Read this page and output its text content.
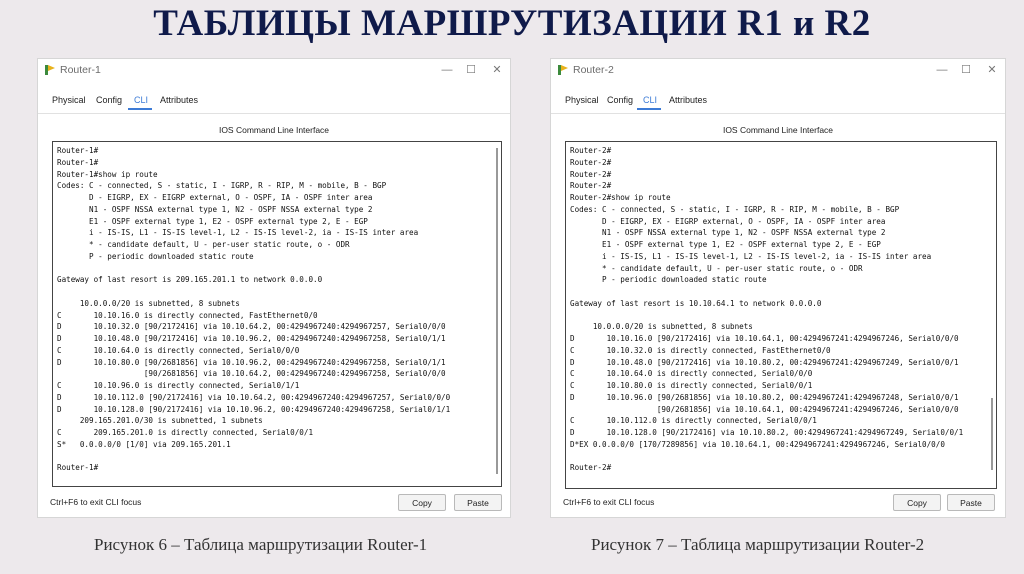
ТАБЛИЦЫ МАРШРУТИЗАЦИИ R1 и R2
Router-1	— ☐ ✕
Physical Config CLI Attributes
IOS Command Line Interface
Router-1#
Router-1#
Router-1#show ip route
Codes: C - connected, S - static, I - IGRP, R - RIP, M - mobile, B - BGP
D - EIGRP, EX - EIGRP external, O - OSPF, IA - OSPF inter area
N1 - OSPF NSSA external type 1, N2 - OSPF NSSA external type 2
E1 - OSPF external type 1, E2 - OSPF external type 2, E - EGP
i - IS-IS, L1 - IS-IS level-1, L2 - IS-IS level-2, ia - IS-IS inter area
* - candidate default, U - per-user static route, o - ODR
P - periodic downloaded static route

Gateway of last resort is 209.165.201.1 to network 0.0.0.0

10.0.0.0/20 is subnetted, 8 subnets
C       10.10.16.0 is directly connected, FastEthernet0/0
D       10.10.32.0 [90/2172416] via 10.10.64.2, 00:4294967240:4294967257, Serial0/0/0
D       10.10.48.0 [90/2172416] via 10.10.96.2, 00:4294967240:4294967258, Serial0/1/1
C       10.10.64.0 is directly connected, Serial0/0/0
D       10.10.80.0 [90/2681856] via 10.10.96.2, 00:4294967240:4294967258, Serial0/1/1
[90/2681856] via 10.10.64.2, 00:4294967240:4294967258, Serial0/0/0
C       10.10.96.0 is directly connected, Serial0/1/1
D       10.10.112.0 [90/2172416] via 10.10.64.2, 00:4294967240:4294967257, Serial0/0/0
D       10.10.128.0 [90/2172416] via 10.10.96.2, 00:4294967240:4294967258, Serial0/1/1
209.165.201.0/30 is subnetted, 1 subnets
C       209.165.201.0 is directly connected, Serial0/0/1
S*   0.0.0.0/0 [1/0] via 209.165.201.1

Router-1#
Ctrl+F6 to exit CLI focus	Copy	Paste
Router-2	— ☐ ✕
Physical Config CLI Attributes
IOS Command Line Interface
Router-2#
Router-2#
Router-2#
Router-2#
Router-2#show ip route
Codes: C - connected, S - static, I - IGRP, R - RIP, M - mobile, B - BGP
D - EIGRP, EX - EIGRP external, O - OSPF, IA - OSPF inter area
N1 - OSPF NSSA external type 1, N2 - OSPF NSSA external type 2
E1 - OSPF external type 1, E2 - OSPF external type 2, E - EGP
i - IS-IS, L1 - IS-IS level-1, L2 - IS-IS level-2, ia - IS-IS inter area
* - candidate default, U - per-user static route, o - ODR
P - periodic downloaded static route

Gateway of last resort is 10.10.64.1 to network 0.0.0.0

10.0.0.0/20 is subnetted, 8 subnets
D       10.10.16.0 [90/2172416] via 10.10.64.1, 00:4294967241:4294967246, Serial0/0/0
C       10.10.32.0 is directly connected, FastEthernet0/0
D       10.10.48.0 [90/2172416] via 10.10.80.2, 00:4294967241:4294967249, Serial0/0/1
C       10.10.64.0 is directly connected, Serial0/0/0
C       10.10.80.0 is directly connected, Serial0/0/1
D       10.10.96.0 [90/2681856] via 10.10.80.2, 00:4294967241:4294967248, Serial0/0/1
[90/2681856] via 10.10.64.1, 00:4294967241:4294967246, Serial0/0/0
C       10.10.112.0 is directly connected, Serial0/0/1
D       10.10.128.0 [90/2172416] via 10.10.80.2, 00:4294967241:4294967249, Serial0/0/1
D*EX 0.0.0.0/0 [170/7289856] via 10.10.64.1, 00:4294967241:4294967246, Serial0/0/0

Router-2#
Ctrl+F6 to exit CLI focus	Copy	Paste
Рисунок 6 – Таблица маршрутизации Router-1	Рисунок 7 – Таблица маршрутизации Router-2
